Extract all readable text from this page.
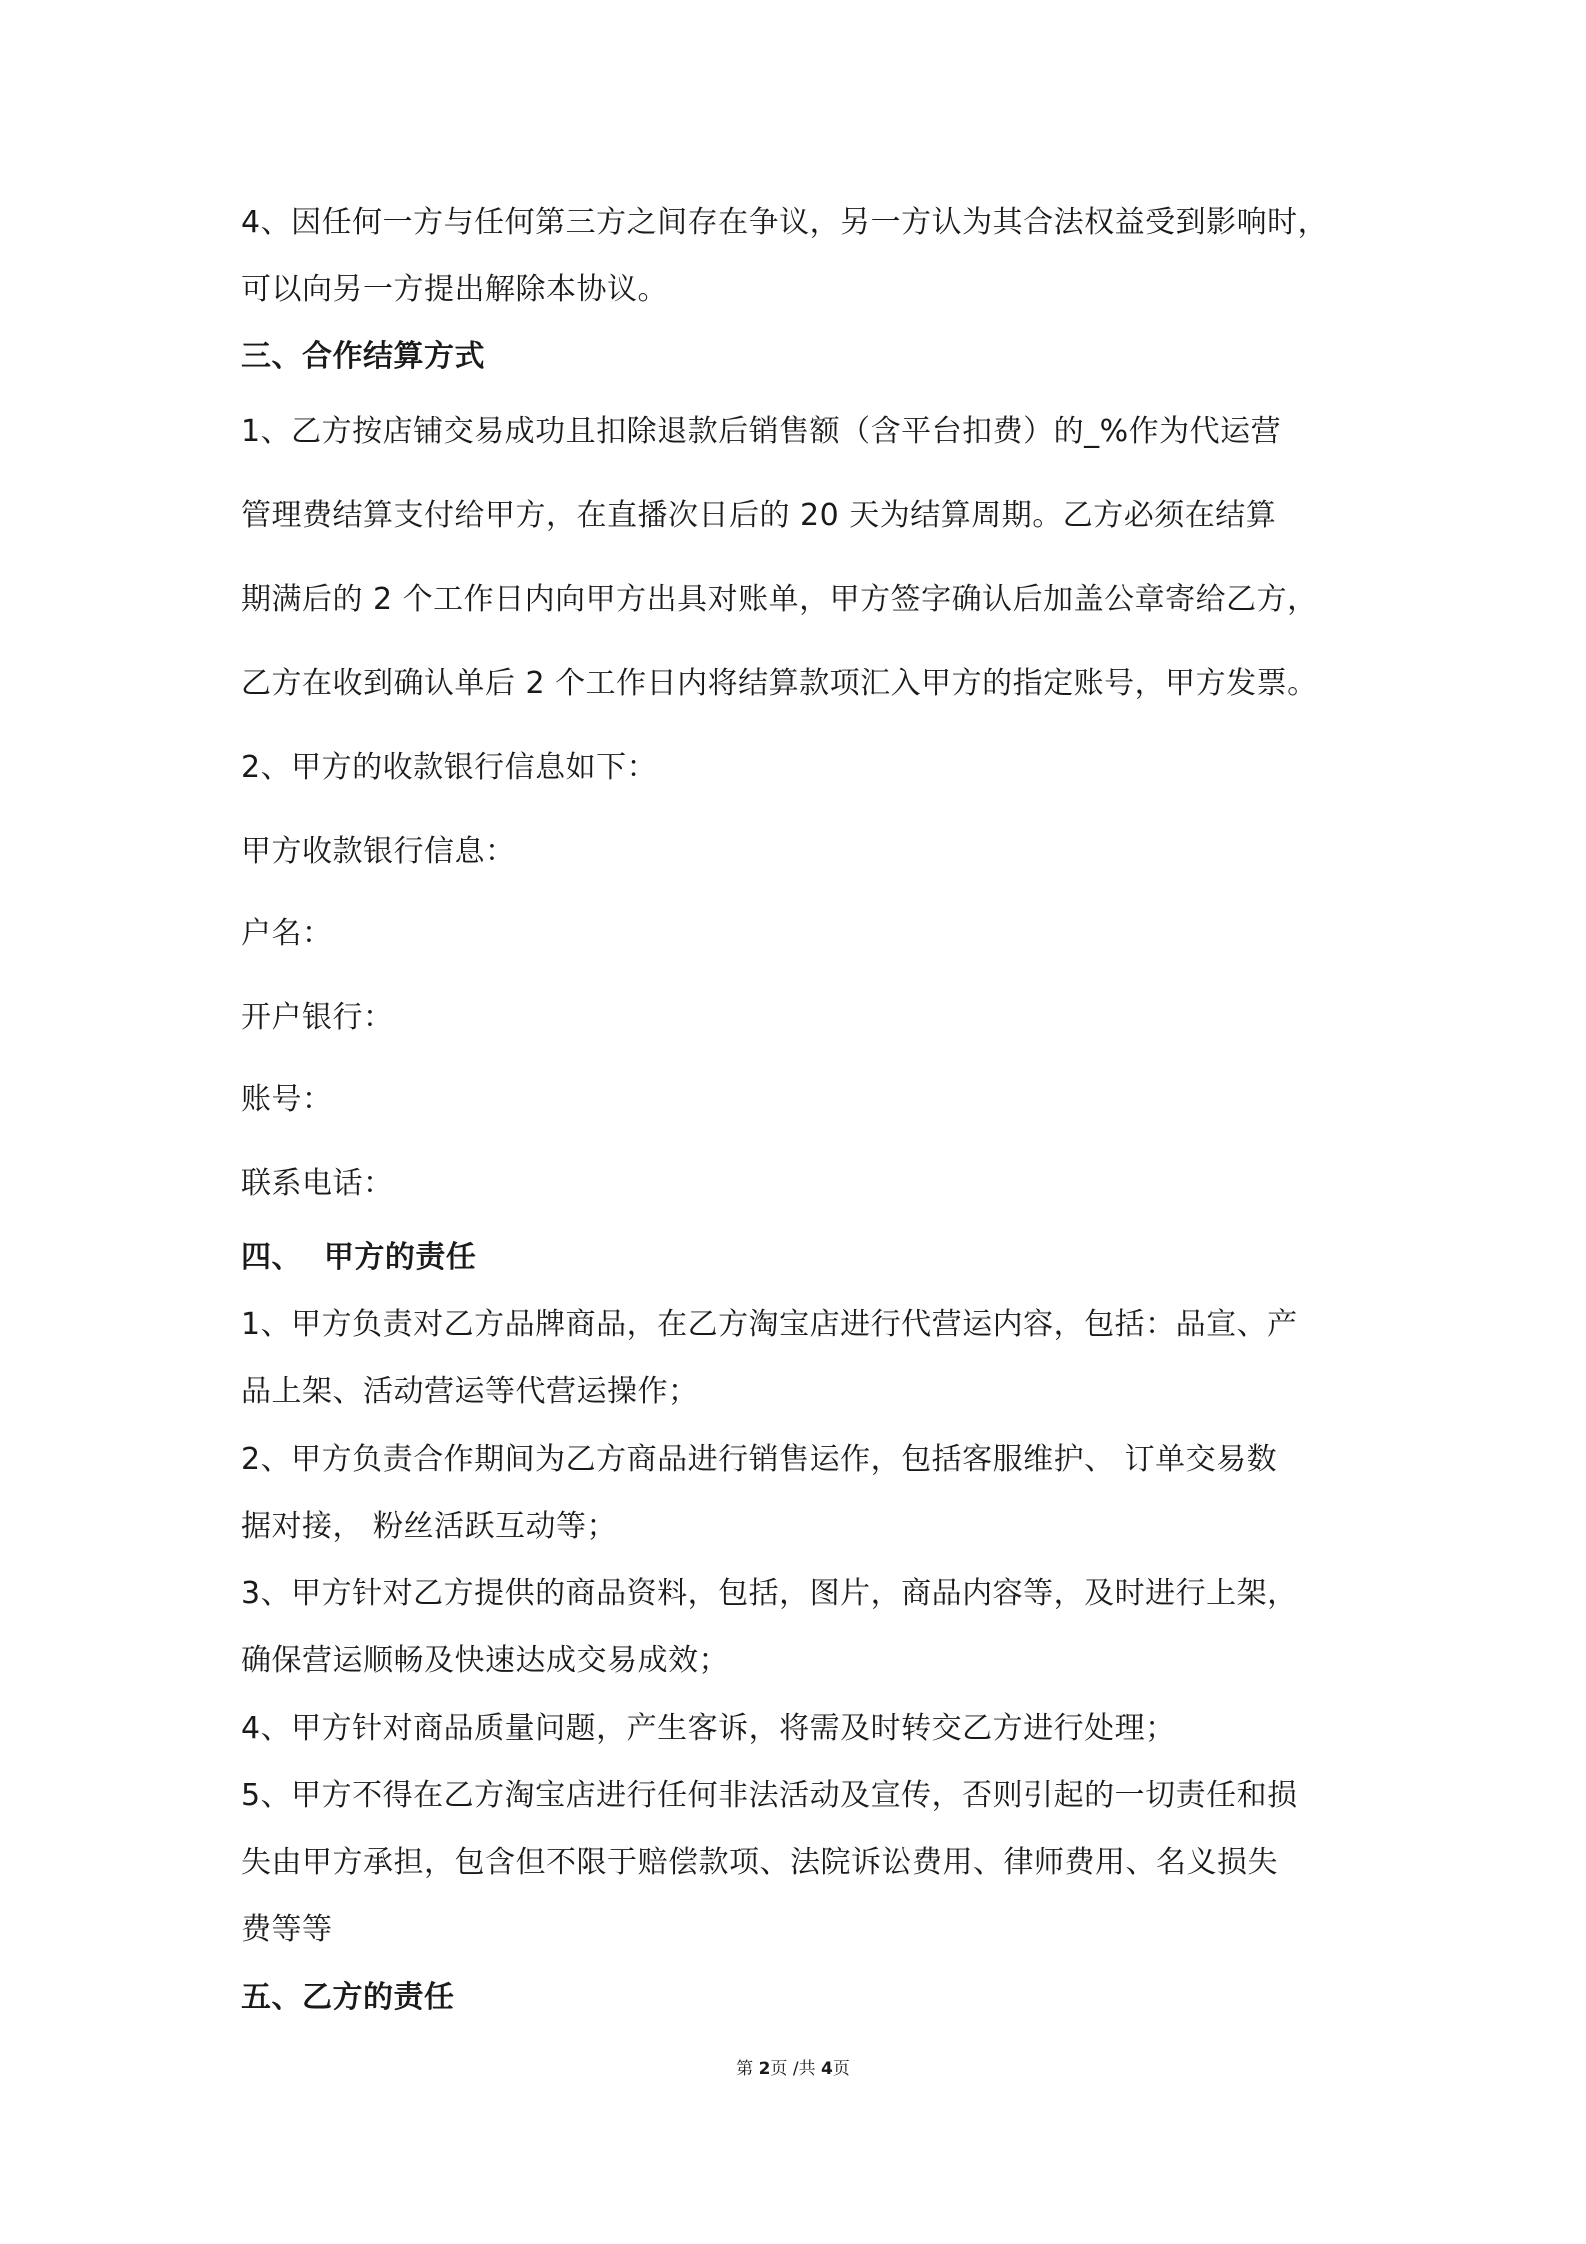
4、因任何一方与任何第三方之间存在争议，另一方认为其合法权益受到影响时，
可以向另一方提出解除本协议。
三、合作结算方式
1、乙方按店铺交易成功且扣除退款后销售额（含平台扣费）的_%作为代运营
管理费结算支付给甲方，在直播次日后的 20 天为结算周期。乙方必须在结算
期满后的 2 个工作日内向甲方出具对账单，甲方签字确认后加盖公章寄给乙方，
乙方在收到确认单后 2 个工作日内将结算款项汇入甲方的指定账号，甲方发票。
2、甲方的收款银行信息如下：
甲方收款银行信息：
户名：
开户银行：
账号：
联系电话：
四、  甲方的责任
1、甲方负责对乙方品牌商品，在乙方淘宝店进行代营运内容，包括：品宣、产
品上架、活动营运等代营运操作；
2、甲方负责合作期间为乙方商品进行销售运作，包括客服维护、 订单交易数
据对接， 粉丝活跃互动等；
3、甲方针对乙方提供的商品资料，包括，图片，商品内容等，及时进行上架，
确保营运顺畅及快速达成交易成效；
4、甲方针对商品质量问题，产生客诉，将需及时转交乙方进行处理；
5、甲方不得在乙方淘宝店进行任何非法活动及宣传，否则引起的一切责任和损
失由甲方承担，包含但不限于赔偿款项、法院诉讼费用、律师费用、名义损失
费等等
五、乙方的责任
第 2页 /共 4页
